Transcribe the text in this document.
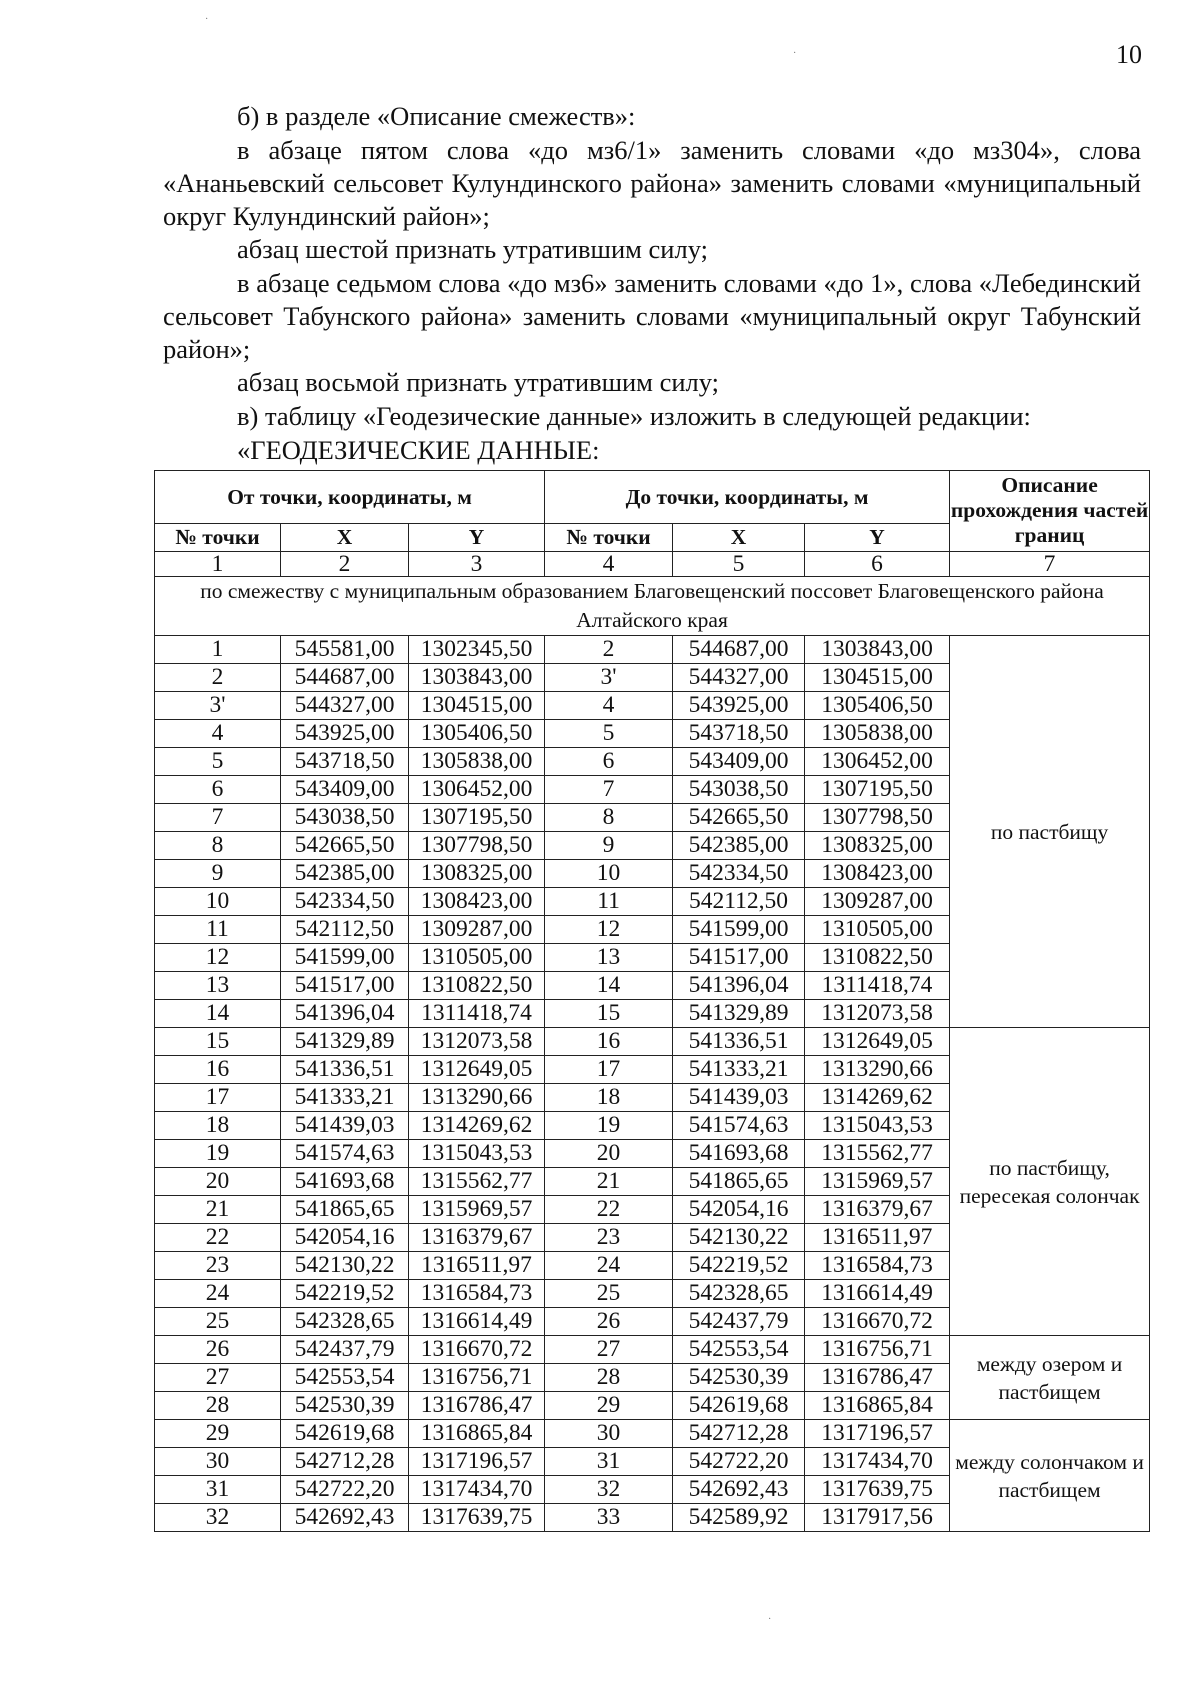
10
б) в разделе «Описание смежеств»:
в абзаце пятом слова «до мз6/1» заменить словами «до мз304», слова «Ананьевский сельсовет Кулундинского района» заменить словами «муниципальный округ Кулундинский район»;
абзац шестой признать утратившим силу;
в абзаце седьмом слова «до мз6» заменить словами «до 1», слова «Лебединский сельсовет Табунского района» заменить словами «муниципальный округ Табунский район»;
абзац восьмой признать утратившим силу;
в) таблицу «Геодезические данные» изложить в следующей редакции:
«ГЕОДЕЗИЧЕСКИЕ ДАННЫЕ:
От точки, координаты, м			До точки, координаты, м			Описание прохождения частей границ
№ точки	X	Y	№ точки	X	Y	
1	2	3	4	5	6	7
по смежеству с муниципальным образованием Благовещенский поссовет Благовещенского района Алтайского края						
1	545581,00	1302345,50	2	544687,00	1303843,00	по пастбищу
2	544687,00	1303843,00	3'	544327,00	1304515,00	
3'	544327,00	1304515,00	4	543925,00	1305406,50	
4	543925,00	1305406,50	5	543718,50	1305838,00	
5	543718,50	1305838,00	6	543409,00	1306452,00	
6	543409,00	1306452,00	7	543038,50	1307195,50	
7	543038,50	1307195,50	8	542665,50	1307798,50	
8	542665,50	1307798,50	9	542385,00	1308325,00	
9	542385,00	1308325,00	10	542334,50	1308423,00	
10	542334,50	1308423,00	11	542112,50	1309287,00	
11	542112,50	1309287,00	12	541599,00	1310505,00	
12	541599,00	1310505,00	13	541517,00	1310822,50	
13	541517,00	1310822,50	14	541396,04	1311418,74	
14	541396,04	1311418,74	15	541329,89	1312073,58	
15	541329,89	1312073,58	16	541336,51	1312649,05	по пастбищу, пересекая солончак
16	541336,51	1312649,05	17	541333,21	1313290,66	
17	541333,21	1313290,66	18	541439,03	1314269,62	
18	541439,03	1314269,62	19	541574,63	1315043,53	
19	541574,63	1315043,53	20	541693,68	1315562,77	
20	541693,68	1315562,77	21	541865,65	1315969,57	
21	541865,65	1315969,57	22	542054,16	1316379,67	
22	542054,16	1316379,67	23	542130,22	1316511,97	
23	542130,22	1316511,97	24	542219,52	1316584,73	
24	542219,52	1316584,73	25	542328,65	1316614,49	
25	542328,65	1316614,49	26	542437,79	1316670,72	
26	542437,79	1316670,72	27	542553,54	1316756,71	между озером и пастбищем
27	542553,54	1316756,71	28	542530,39	1316786,47	
28	542530,39	1316786,47	29	542619,68	1316865,84	
29	542619,68	1316865,84	30	542712,28	1317196,57	между солончаком и пастбищем
30	542712,28	1317196,57	31	542722,20	1317434,70	
31	542722,20	1317434,70	32	542692,43	1317639,75	
32	542692,43	1317639,75	33	542589,92	1317917,56	
·
·
·
